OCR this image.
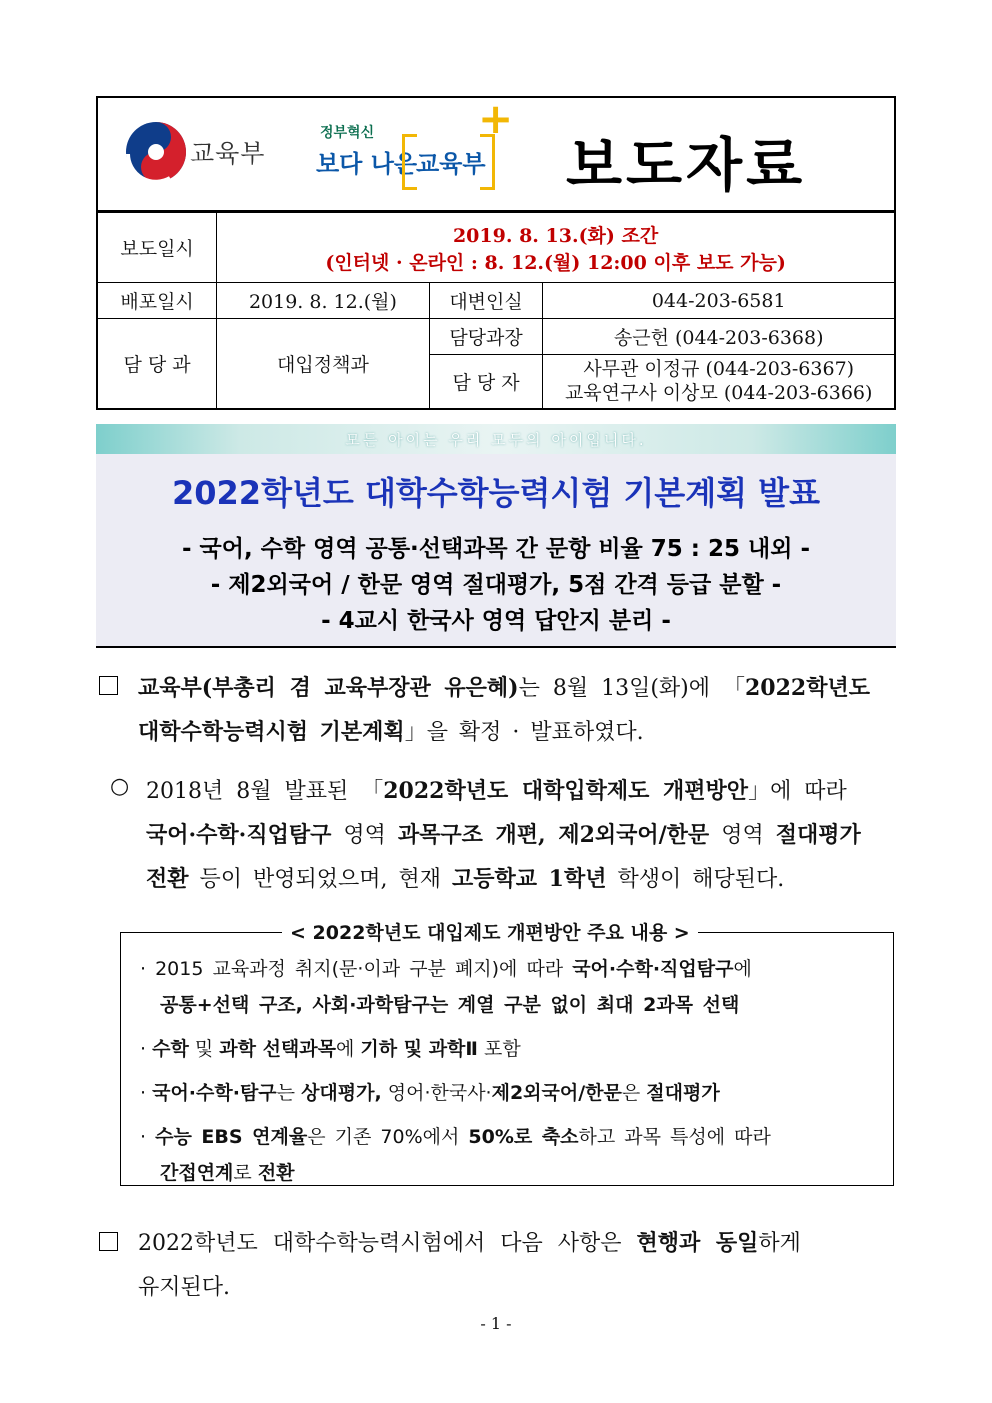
교육부
정부혁신
보다 나은
교육부
+
보도자료
보도일시	2019. 8. 13.(화) 조간
(인터넷 · 온라인 : 8. 12.(월) 12:00 이후 보도 가능)		

배포일시	2019. 8. 12.(월)	대변인실	044-203-6581
담 당 과	대입정책과	담당과장	송근헌 (044-203-6368)
		담 당 자	사무관 이정규 (044-203-6367)
교육연구사 이상모 (044-203-6366)
모든 아이는 우리 모두의 아이입니다.
2022학년도 대학수학능력시험 기본계획 발표
- 국어, 수학 영역 공통·선택과목 간 문항 비율 75 : 25 내외 -
- 제2외국어 / 한문 영역 절대평가, 5점 간격 등급 분할 -
- 4교시 한국사 영역 답안지 분리 -
교육부(부총리 겸 교육부장관 유은혜)는 8월 13일(화)에 「2022학년도
대학수학능력시험 기본계획」을 확정 · 발표하였다.
○ 2018년 8월 발표된 「2022학년도 대학입학제도 개편방안」에 따라
국어·수학·직업탐구 영역 과목구조 개편, 제2외국어/한문 영역 절대평가
전환 등이 반영되었으며, 현재 고등학교 1학년 학생이 해당된다.
< 2022학년도 대입제도 개편방안 주요 내용 >
· 2015 교육과정 취지(문·이과 구분 폐지)에 따라 국어·수학·직업탐구에
공통+선택 구조, 사회·과학탐구는 계열 구분 없이 최대 2과목 선택
· 수학 및 과학 선택과목에 기하 및 과학Ⅱ 포함
· 국어·수학·탐구는 상대평가, 영어·한국사·제2외국어/한문은 절대평가
· 수능 EBS 연계율은 기존 70%에서 50%로 축소하고 과목 특성에 따라
간접연계로 전환
2022학년도 대학수학능력시험에서 다음 사항은 현행과 동일하게
유지된다.
- 1 -
